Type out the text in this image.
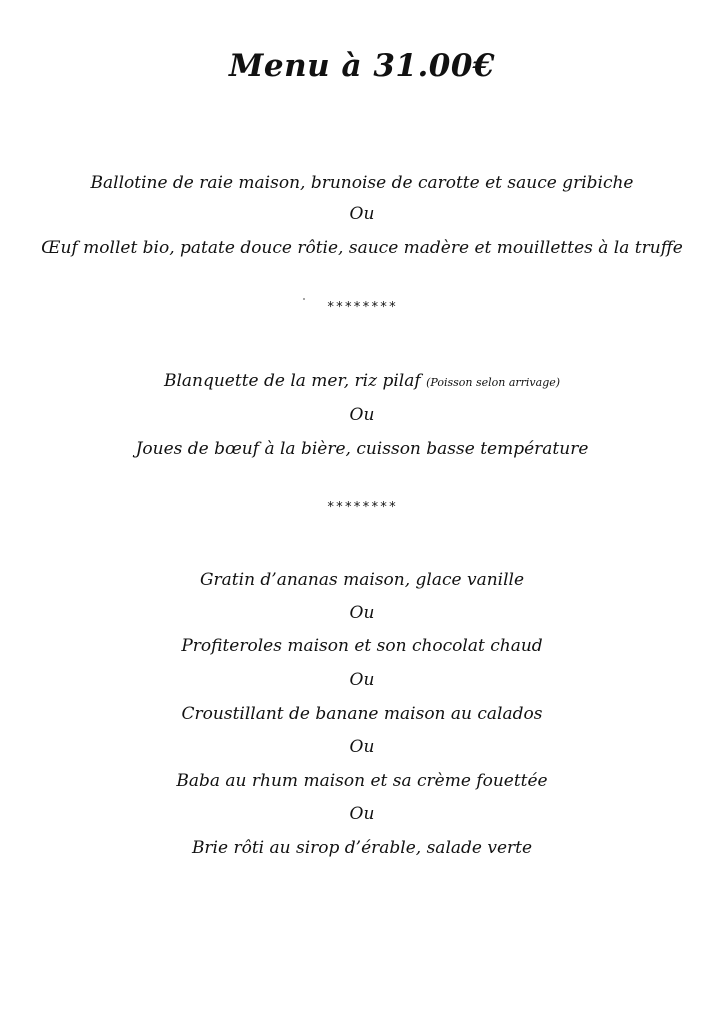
Menu à 31.00€
Ballotine de raie maison, brunoise de carotte et sauce gribiche
Ou
Œuf mollet bio, patate douce rôtie, sauce madère et mouillettes à la truffe
********
Blanquette de la mer, riz pilaf (Poisson selon arrivage)
Ou
Joues de bœuf à la bière, cuisson basse température
********
Gratin d’ananas maison, glace vanille
Ou
Profiteroles maison et son chocolat chaud
Ou
Croustillant de banane maison au calados
Ou
Baba au rhum maison et sa crème fouettée
Ou
Brie rôti au sirop d’érable, salade verte
